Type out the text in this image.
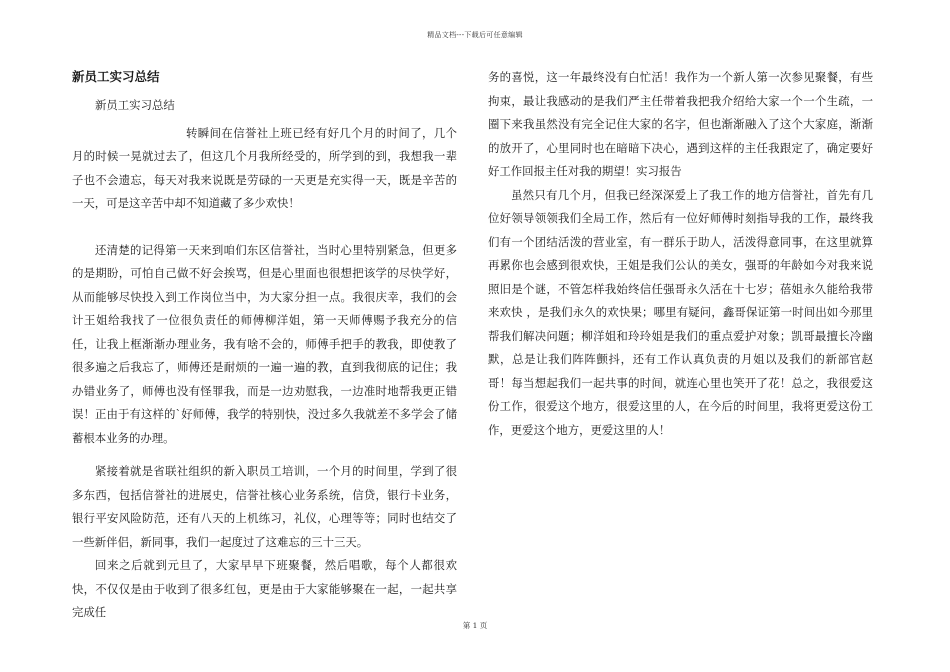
精品文档---下载后可任意编辑
新员工实习总结

新员工实习总结

转瞬间在信誉社上班已经有好几个月的时间了，几个月的时候一晃就过去了，但这几个月我所经受的，所学到的到，我想我一辈子也不会遗忘，每天对我来说既是劳碌的一天更是充实得一天，既是辛苦的一天，可是这辛苦中却不知道藏了多少欢快！

还清楚的记得第一天来到咱们东区信誉社，当时心里特别紧急，但更多的是期盼，可怕自己做不好会挨骂，但是心里面也很想把该学的尽快学好，从而能够尽快投入到工作岗位当中，为大家分担一点。我很庆幸，我们的会计王姐给我找了一位很负责任的师傅柳洋姐，第一天师傅赐予我充分的信任，让我上框渐渐办理业务，我有啥不会的，师傅手把手的教我，即使教了很多遍之后我忘了，师傅还是耐烦的一遍一遍的教，直到我彻底的记住；我办错业务了，师傅也没有怪罪我，而是一边劝慰我，一边准时地帮我更正错误！正由于有这样的`好师傅，我学的特别快，没过多久我就差不多学会了储蓄根本业务的办理。

紧接着就是省联社组织的新入职员工培训，一个月的时间里，学到了很多东西，包括信誉社的进展史，信誉社核心业务系统，信贷，银行卡业务，银行平安风险防范，还有八天的上机练习，礼仪，心理等等；同时也结交了一些新伴侣，新同事，我们一起度过了这难忘的三十三天。

回来之后就到元旦了，大家早早下班聚餐，然后唱歌，每个人都很欢快，不仅仅是由于收到了很多红包，更是由于大家能够聚在一起，一起共享完成任

务的喜悦，这一年最终没有白忙活！我作为一个新人第一次参见聚餐，有些拘束，最让我感动的是我们严主任带着我把我介绍给大家一个一个生疏，一圈下来我虽然没有完全记住大家的名字，但也渐渐融入了这个大家庭，渐渐的放开了，心里同时也在暗暗下决心，遇到这样的主任我跟定了，确定要好好工作回报主任对我的期望！实习报告

虽然只有几个月，但我已经深深爱上了我工作的地方信誉社，首先有几位好领导领领我们全局工作，然后有一位好师傅时刻指导我的工作，最终我们有一个团结活泼的营业室，有一群乐于助人，活泼得意同事，在这里就算再累你也会感到很欢快，王姐是我们公认的美女，强哥的年龄如今对我来说照旧是个谜，不管怎样我始终信任强哥永久活在十七岁；蓓姐永久能给我带来欢快 ，是我们永久的欢快果；哪里有疑问，鑫哥保证第一时间出如今那里帮我们解决问题；柳洋姐和玲玲姐是我们的重点爱护对象；凯哥最擅长冷幽默，总是让我们阵阵颤抖，还有工作认真负责的月姐以及我们的新部官赵哥！每当想起我们一起共事的时间，就连心里也笑开了花！总之，我很爱这份工作，很爱这个地方，很爱这里的人，在今后的时间里，我将更爱这份工作，更爱这个地方，更爱这里的人！

第 1 页
